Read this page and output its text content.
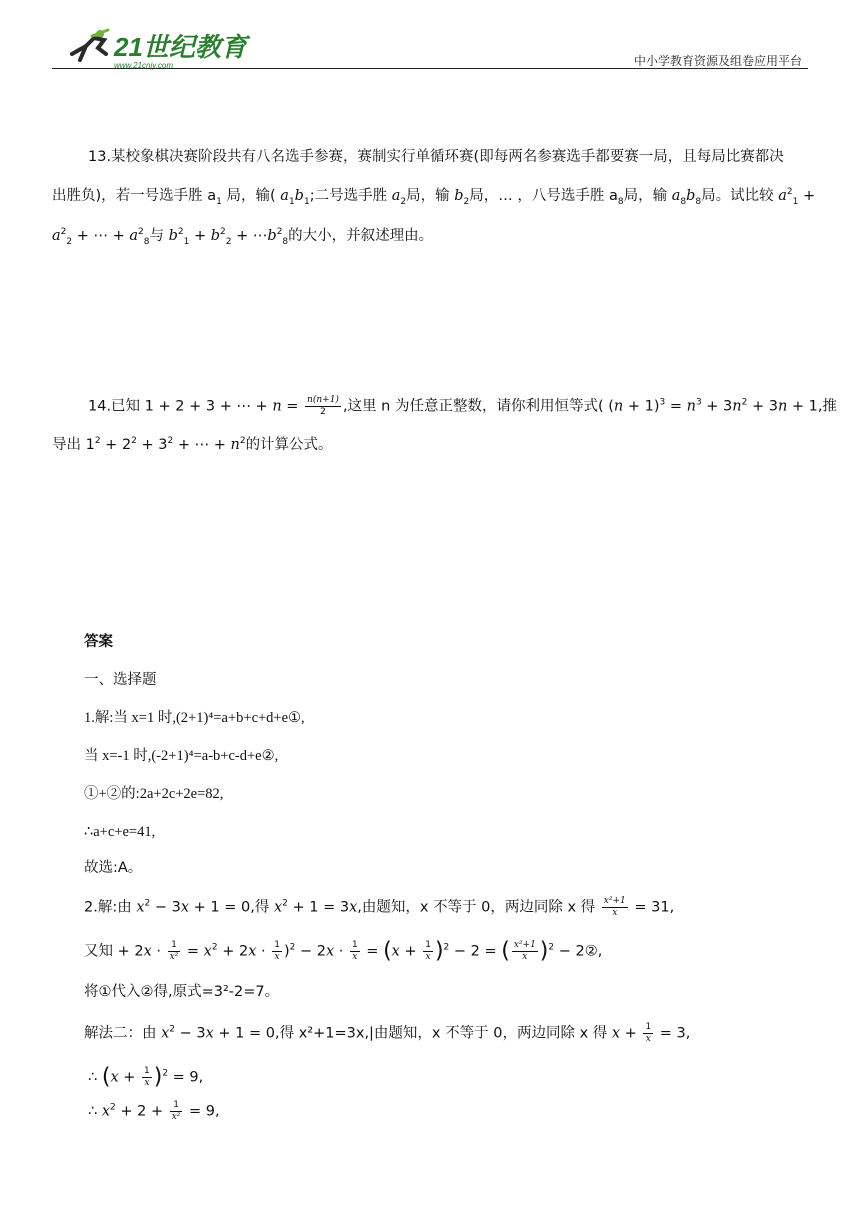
21世纪教育
www.21cnjy.com	中小学教育资源及组卷应用平台
13.某校象棋决赛阶段共有八名选手参赛，赛制实行单循环赛(即每两名参赛选手都要赛一局，且每局比赛都决
出胜负)，若一号选手胜 $a_1$ 局，输( $a_1b_1$;二号选手胜 $a_2$局，输 $b_2$局，… ，八号选手胜 $a_8$局，输 $a_8b_8$局。试比较 $a^2_1$ +
$a^2_2$ + ⋯ + $a^2_8$与 $b^2_1 + b^2_2$ + $\cdots b^2_8$的大小，并叙述理由。
14.已知 1 + 2 + 3 + ⋯ + $n = \frac{n(n+1)}{2}$ ,这里 n 为任意正整数，请你利用恒等式( $(n + 1)^3 = n^3 + 3n^2 + 3n + 1$,推
导出 $1^2 + 2^2 + 3^2$ + ⋯ + $n^2$的计算公式。
答案
一、选择题
1.解:当 x=1 时,(2+1)⁴=a+b+c+d+e①,
当 x=-1 时,(-2+1)⁴=a-b+c-d+e②,
①+②的:2a+2c+2e=82,
∴a+c+e=41,
故选:A。
2.解:由 $x^2 - 3x + 1 = 0$,得 $x^2 + 1 = 3x$,由题知，x 不等于 0，两边同除 x 得 $\frac{\text{x²+1}}{x} = 31$,
又知 + $2x \cdot \frac{1}{\text{x²}} = x^2 + 2x \cdot \frac{1}{x} )^2 - 2x \cdot \frac{1}{x} = (x + \frac{1}{x} )^2 - 2$ = ( $\frac{\text{x²+1}}{x} )^2$ − 2②,
将①代入②得,原式=3²-2=7。
解法二：由 $x^2 - 3x + 1 = 0$,得 x²+1=3x,|由题知，x 不等于 0，两边同除 x 得 $x + \frac{1}{x} = 3$,
∴ $(x + \frac{1}{x} )^2 = 9$,
∴ $x^2 + 2 + \frac{1}{\text{x²}} = 9$,
